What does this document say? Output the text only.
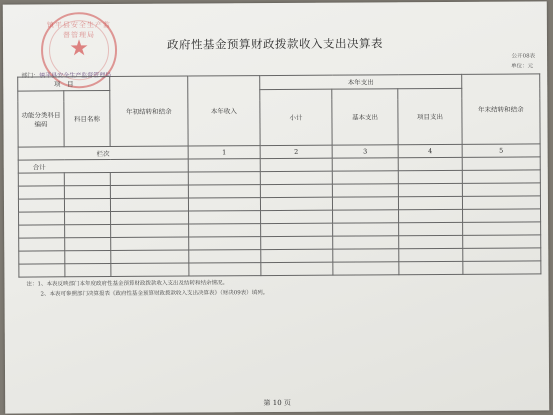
镇平县安全生产监督管理局
★	政府性基金预算财政拨款收入支出决算表
公开08表
单位：元
部门：镇平县安全生产监督管理局
项　目		年初结转和结余	本年收入	本年支出			年末结转和结余
功能分类科目编码	科目名称			小计	基本支出	项目支出	

栏次			1	2	3	4	5
合计							

注：1、本表反映部门本年度政府性基金预算财政拨款收入支出及结转和结余情况。
2、本表可参照部门决算报表《政府性基金预算财政拨款收入支出决算表》（财决09表）填列。
第 10 页
